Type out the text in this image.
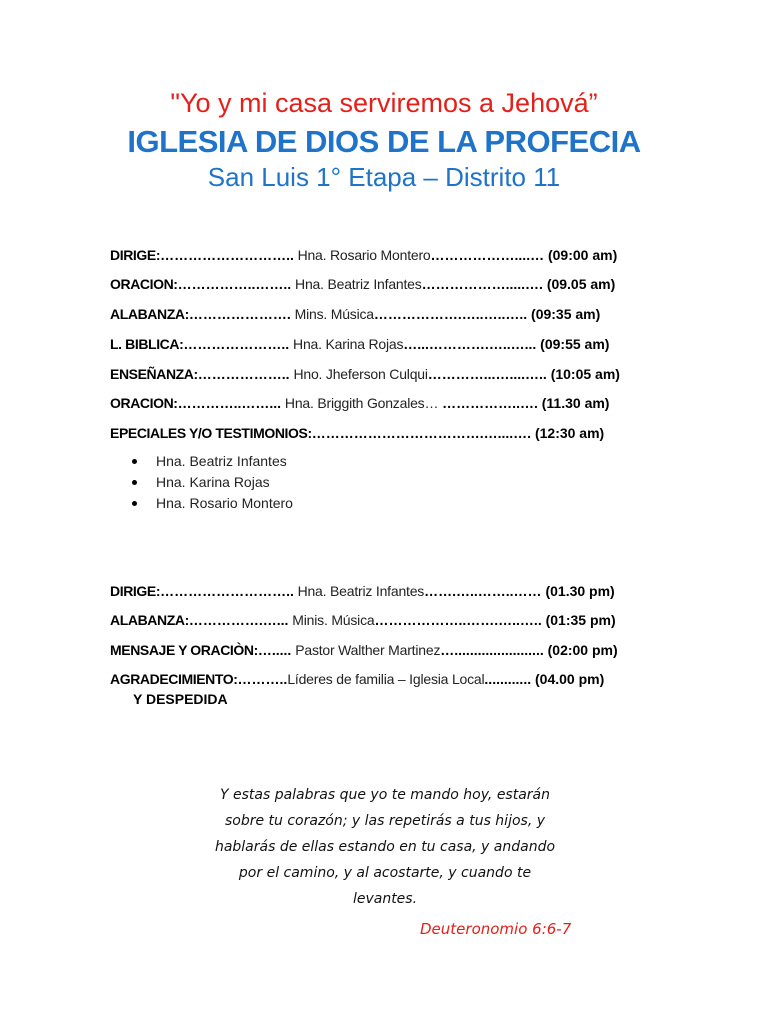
"Yo y mi casa serviremos a Jehová”
IGLESIA DE DIOS DE LA PROFECIA
San Luis 1° Etapa – Distrito 11
DIRIGE:……………………….. Hna. Rosario Montero………………....… (09:00 am)
ORACION:……………..…….. Hna. Beatriz Infantes……………….....…. (09.05 am)
ALABANZA:…………………. Mins. Música……………….…..…..….. (09:35 am)
L. BIBLICA:………………….. Hna. Karina Rojas…...………….…..…... (09:55 am)
ENSEÑANZA:……………….. Hno. Jheferson Culqui…………...…....….. (10:05 am)
ORACION:…………..……... Hna. Briggith Gonzales… ……………..…. (11.30 am)
EPECIALES Y/O TESTIMONIOS:……………………………….…....…. (12:30 am)
Hna. Beatriz Infantes
Hna. Karina Rojas
Hna. Rosario Montero
DIRIGE:……………………….. Hna. Beatriz Infantes…….…..……..…… (01.30 pm)
ALABANZA:…………….…... Minis. Música………………..…….…..….. (01:35 pm)
MENSAJE Y ORACIÒN:…..... Pastor Walther Martinez…....................... (02:00 pm)
AGRADECIMIENTO:………..Líderes de familia – Iglesia Local............ (04.00 pm)
Y DESPEDIDA
Y estas palabras que yo te mando hoy, estarán
sobre tu corazón; y las repetirás a tus hijos, y
hablarás de ellas estando en tu casa, y andando
por el camino, y al acostarte, y cuando te
levantes.
Deuteronomio 6:6-7
